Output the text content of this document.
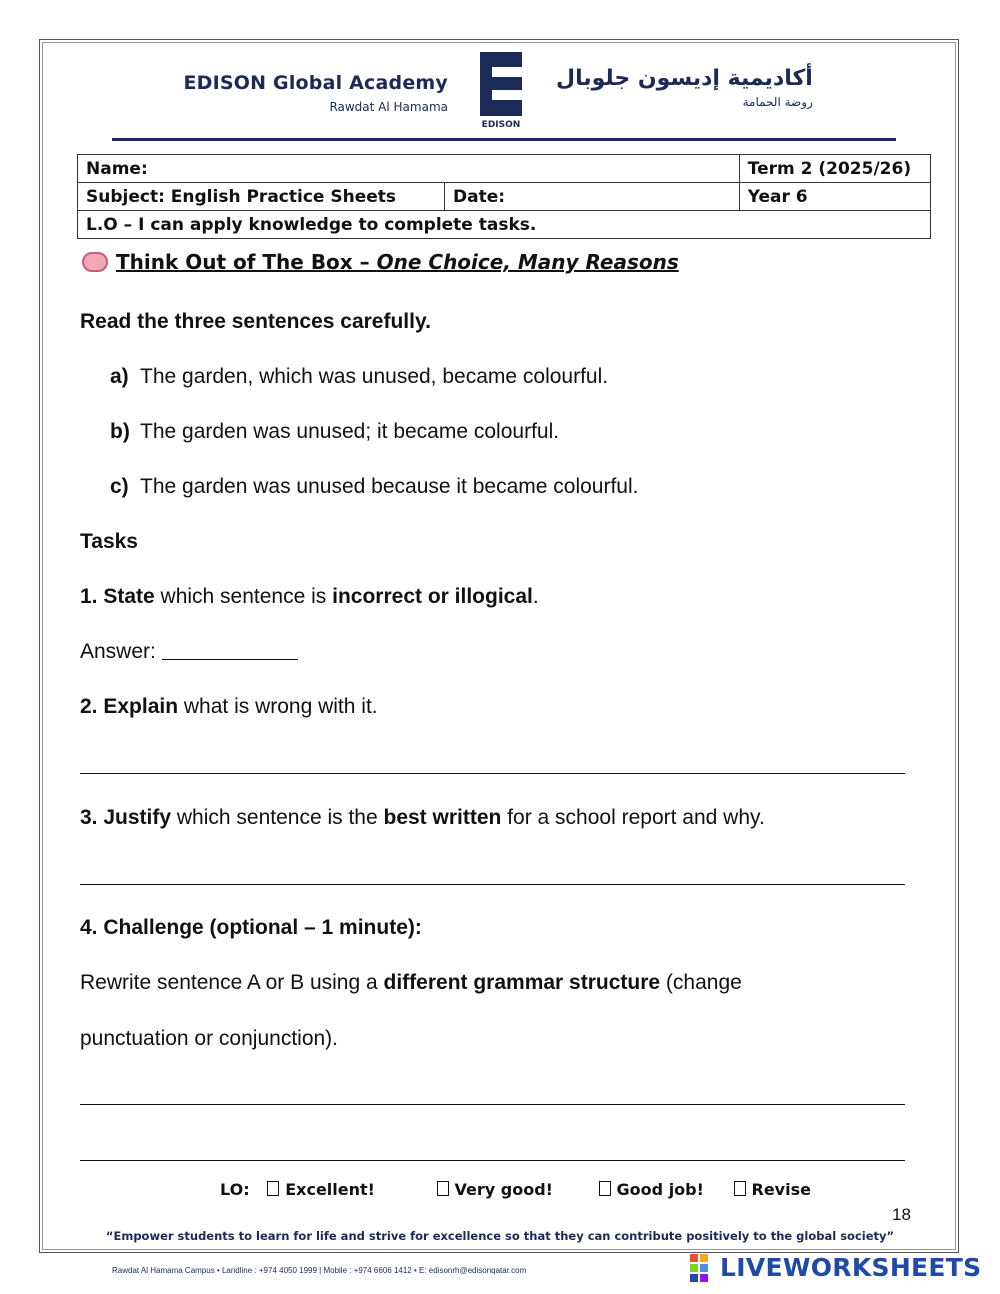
EDISON Global Academy
Rawdat Al Hamama
EDISON
أكاديمية إديسون جلوبال
روضة الحمامة
Name:		Term 2 (2025/26)
Subject: English Practice Sheets	Date:	Year 6
L.O – I can apply knowledge to complete tasks.		
Think Out of The Box – One Choice, Many Reasons
Read the three sentences carefully.
a) The garden, which was unused, became colourful.
b) The garden was unused; it became colourful.
c) The garden was unused because it became colourful.
Tasks
1. State which sentence is incorrect or illogical.
Answer:
2. Explain what is wrong with it.
3. Justify which sentence is the best written for a school report and why.
4. Challenge (optional – 1 minute):
Rewrite sentence A or B using a different grammar structure (change
punctuation or conjunction).
LO: Excellent!	Very good!	Good job!	Revise
18
“Empower students to learn for life and strive for excellence so that they can contribute positively to the global society”
Rawdat Al Hamama Campus • Landline : +974 4050 1999 | Mobile : +974 6606 1412 • E: edisonrh@edisonqatar.com	LIVEWORKSHEETS
